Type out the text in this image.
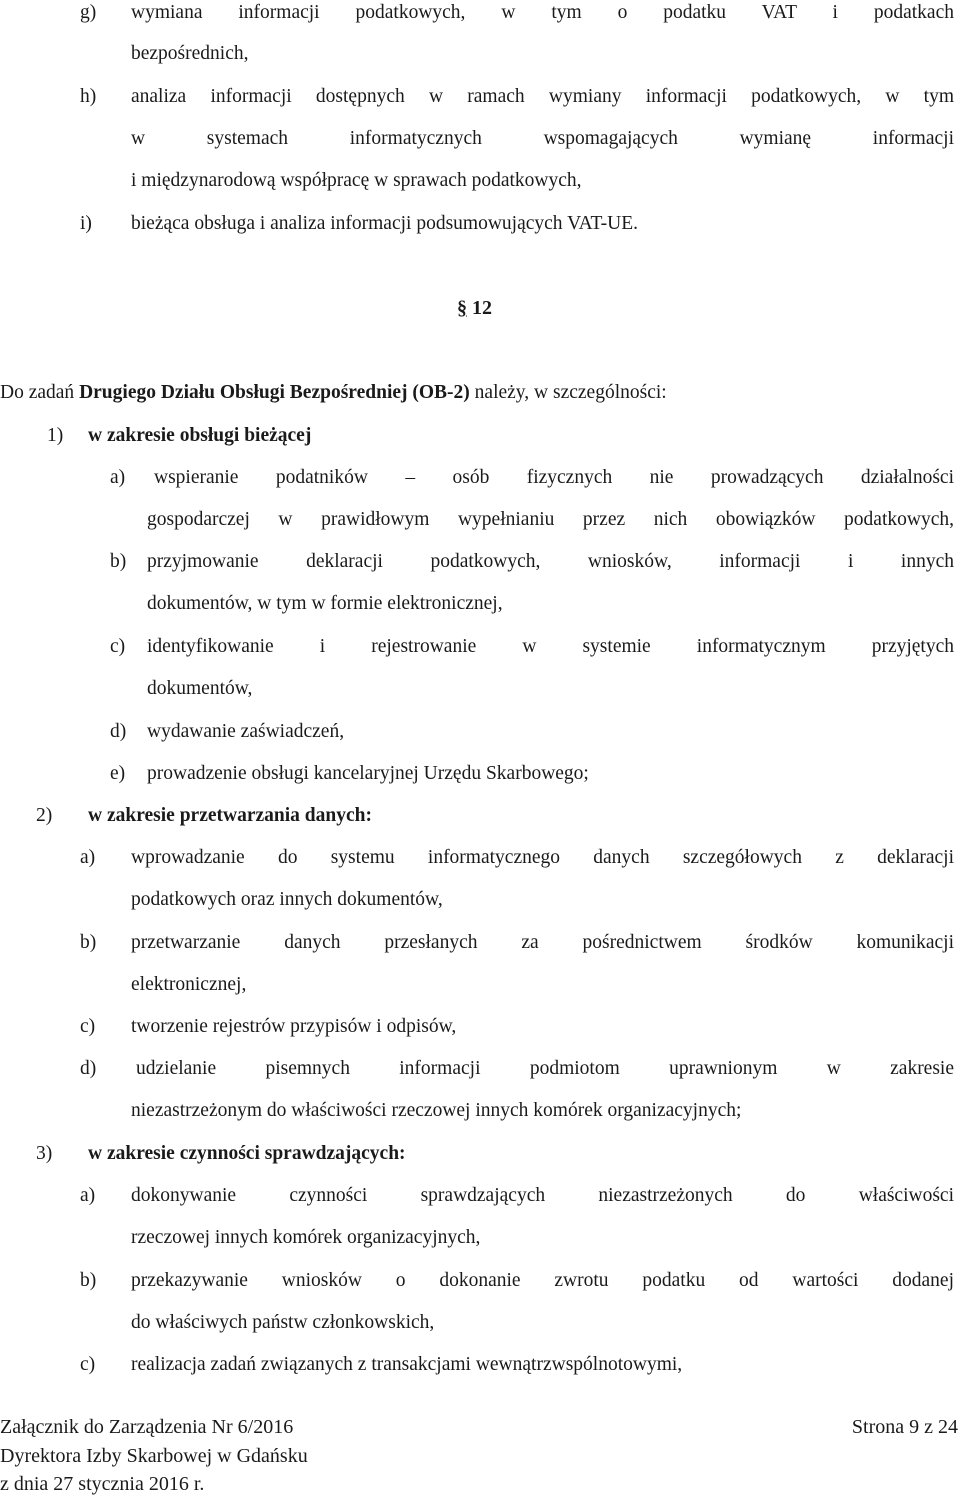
g) wymiana informacji podatkowych, w tym o podatku VAT i podatkach
bezpośrednich,
h) analiza informacji dostępnych w ramach wymiany informacji podatkowych, w tym
w systemach informatycznych wspomagających wymianę informacji
i międzynarodową współpracę w sprawach podatkowych,
i) bieżąca obsługa i analiza informacji podsumowujących VAT-UE.
§ 12
Do zadań Drugiego Działu Obsługi Bezpośredniej (OB-2) należy, w szczególności:
1) w zakresie obsługi bieżącej
a) wspieranie podatników – osób fizycznych nie prowadzących działalności
gospodarczej w prawidłowym wypełnianiu przez nich obowiązków podatkowych,
b) przyjmowanie deklaracji podatkowych, wniosków, informacji i innych
dokumentów, w tym w formie elektronicznej,
c) identyfikowanie i rejestrowanie w systemie informatycznym przyjętych
dokumentów,
d) wydawanie zaświadczeń,
e) prowadzenie obsługi kancelaryjnej Urzędu Skarbowego;
2) w zakresie przetwarzania danych:
a) wprowadzanie do systemu informatycznego danych szczegółowych z deklaracji
podatkowych oraz innych dokumentów,
b) przetwarzanie danych przesłanych za pośrednictwem środków komunikacji
elektronicznej,
c) tworzenie rejestrów przypisów i odpisów,
d) udzielanie pisemnych informacji podmiotom uprawnionym w zakresie
niezastrzeżonym do właściwości rzeczowej innych komórek organizacyjnych;
3) w zakresie czynności sprawdzających:
a) dokonywanie czynności sprawdzających niezastrzeżonych do właściwości
rzeczowej innych komórek organizacyjnych,
b) przekazywanie wniosków o dokonanie zwrotu podatku od wartości dodanej
do właściwych państw członkowskich,
c) realizacja zadań związanych z transakcjami wewnątrzwspólnotowymi,
Załącznik do Zarządzenia Nr 6/2016
Dyrektora Izby Skarbowej w Gdańsku
z dnia 27 stycznia 2016 r.
Strona 9 z 24
